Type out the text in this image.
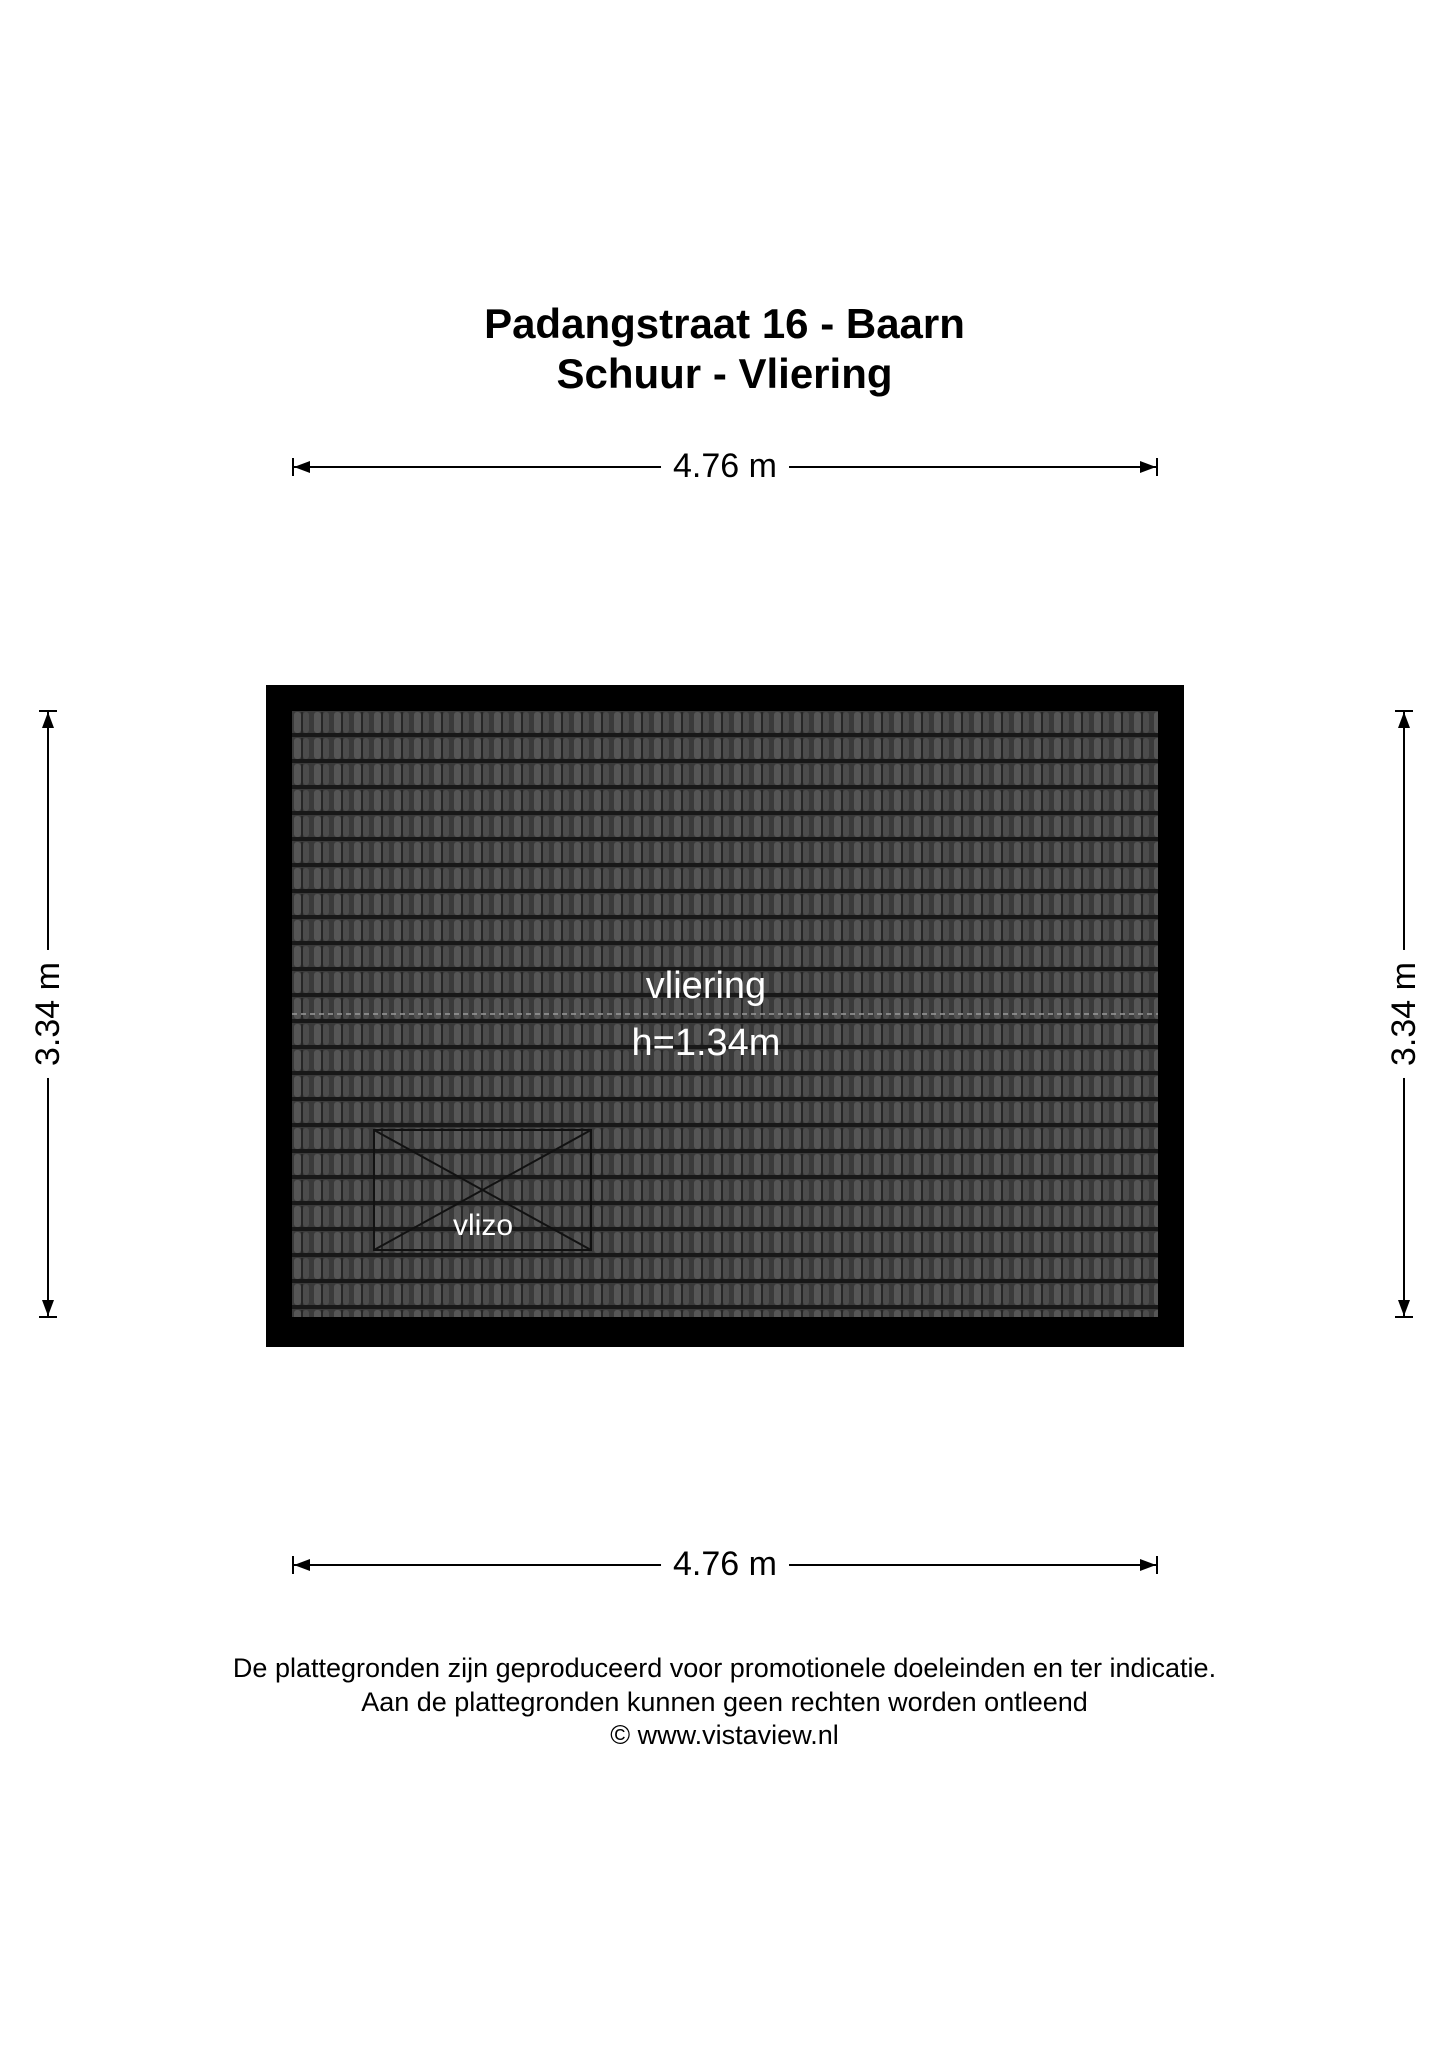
Padangstraat 16 - Baarn
Schuur - Vliering
4.76 m
3.34 m	3.34 m
vliering
h=1.34m
vlizo
4.76 m
De plattegronden zijn geproduceerd voor promotionele doeleinden en ter indicatie.
Aan de plattegronden kunnen geen rechten worden ontleend
© www.vistaview.nl
